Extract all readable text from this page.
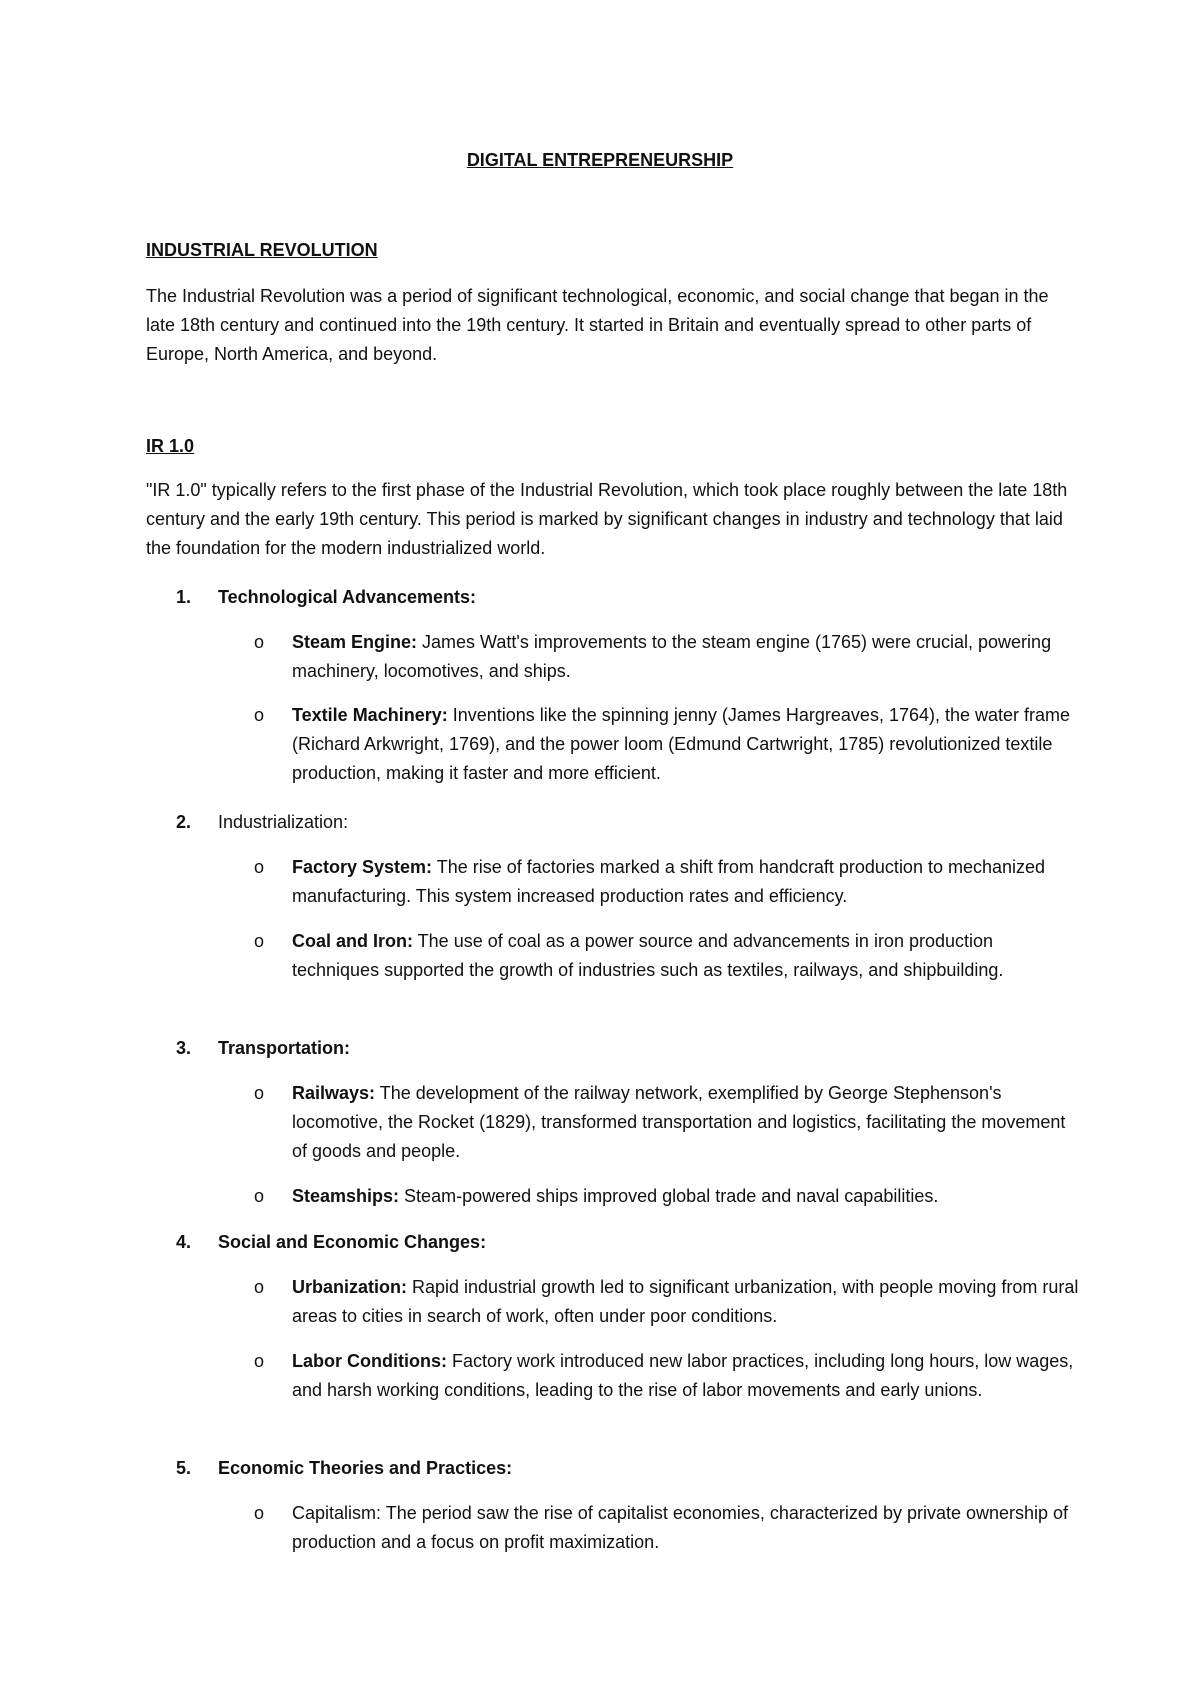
DIGITAL ENTREPRENEURSHIP
INDUSTRIAL REVOLUTION
The Industrial Revolution was a period of significant technological, economic, and social change that began in the late 18th century and continued into the 19th century. It started in Britain and eventually spread to other parts of Europe, North America, and beyond.
IR 1.0
"IR 1.0" typically refers to the first phase of the Industrial Revolution, which took place roughly between the late 18th century and the early 19th century. This period is marked by significant changes in industry and technology that laid the foundation for the modern industrialized world.
1. Technological Advancements:
o Steam Engine: James Watt's improvements to the steam engine (1765) were crucial, powering machinery, locomotives, and ships.
o Textile Machinery: Inventions like the spinning jenny (James Hargreaves, 1764), the water frame (Richard Arkwright, 1769), and the power loom (Edmund Cartwright, 1785) revolutionized textile production, making it faster and more efficient.
2. Industrialization:
o Factory System: The rise of factories marked a shift from handcraft production to mechanized manufacturing. This system increased production rates and efficiency.
o Coal and Iron: The use of coal as a power source and advancements in iron production techniques supported the growth of industries such as textiles, railways, and shipbuilding.
3. Transportation:
o Railways: The development of the railway network, exemplified by George Stephenson's locomotive, the Rocket (1829), transformed transportation and logistics, facilitating the movement of goods and people.
o Steamships: Steam-powered ships improved global trade and naval capabilities.
4. Social and Economic Changes:
o Urbanization: Rapid industrial growth led to significant urbanization, with people moving from rural areas to cities in search of work, often under poor conditions.
o Labor Conditions: Factory work introduced new labor practices, including long hours, low wages, and harsh working conditions, leading to the rise of labor movements and early unions.
5. Economic Theories and Practices:
o Capitalism: The period saw the rise of capitalist economies, characterized by private ownership of production and a focus on profit maximization.
